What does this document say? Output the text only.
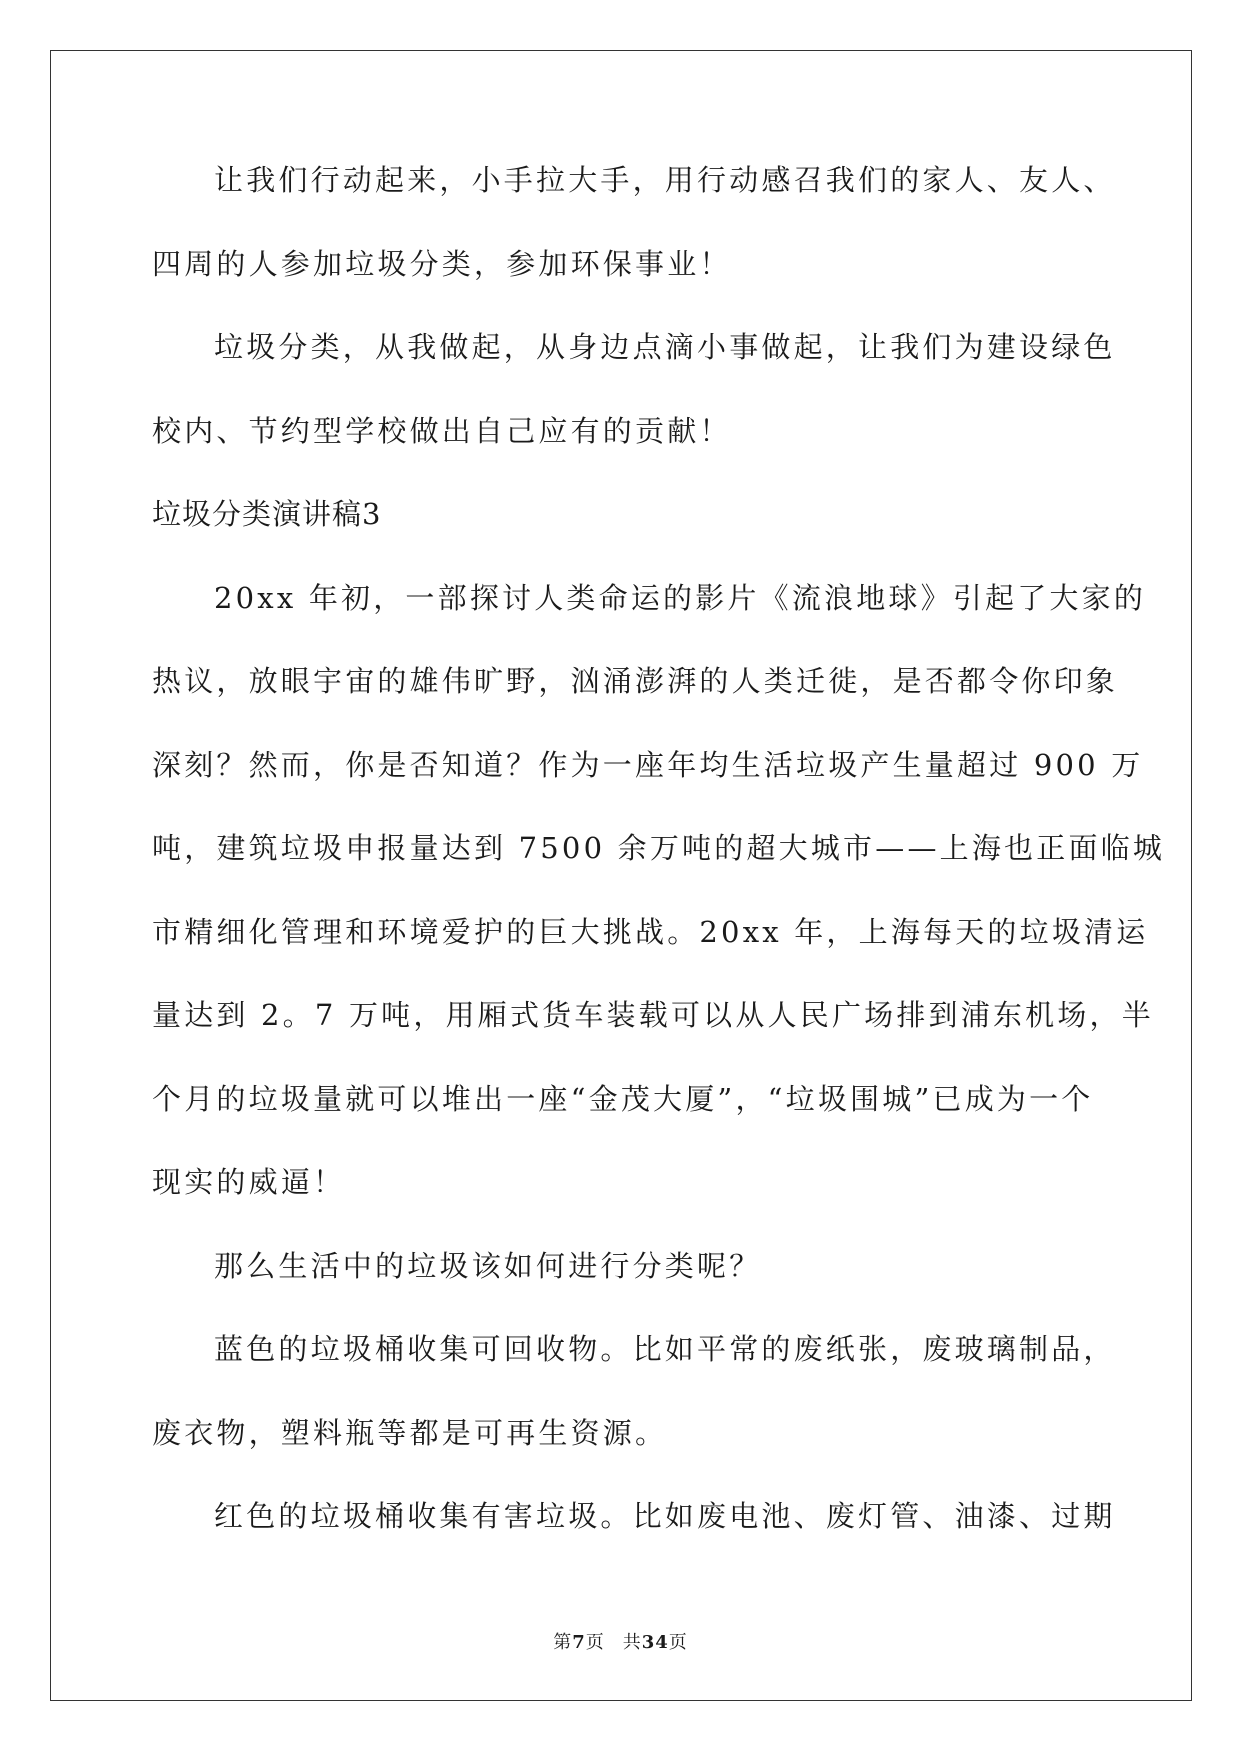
让我们行动起来，小手拉大手，用行动感召我们的家人、友人、
四周的人参加垃圾分类，参加环保事业！
垃圾分类，从我做起，从身边点滴小事做起，让我们为建设绿色
校内、节约型学校做出自己应有的贡献！
垃圾分类演讲稿3
20xx 年初，一部探讨人类命运的影片《流浪地球》引起了大家的
热议，放眼宇宙的雄伟旷野，汹涌澎湃的人类迁徙，是否都令你印象
深刻？然而，你是否知道？作为一座年均生活垃圾产生量超过 900 万
吨，建筑垃圾申报量达到 7500 余万吨的超大城市——上海也正面临城
市精细化管理和环境爱护的巨大挑战。20xx 年，上海每天的垃圾清运
量达到 2。7 万吨，用厢式货车装载可以从人民广场排到浦东机场，半
个月的垃圾量就可以堆出一座“金茂大厦”，“垃圾围城”已成为一个
现实的威逼！
那么生活中的垃圾该如何进行分类呢？
蓝色的垃圾桶收集可回收物。比如平常的废纸张，废玻璃制品，
废衣物，塑料瓶等都是可再生资源。
红色的垃圾桶收集有害垃圾。比如废电池、废灯管、油漆、过期
第7页 共34页
